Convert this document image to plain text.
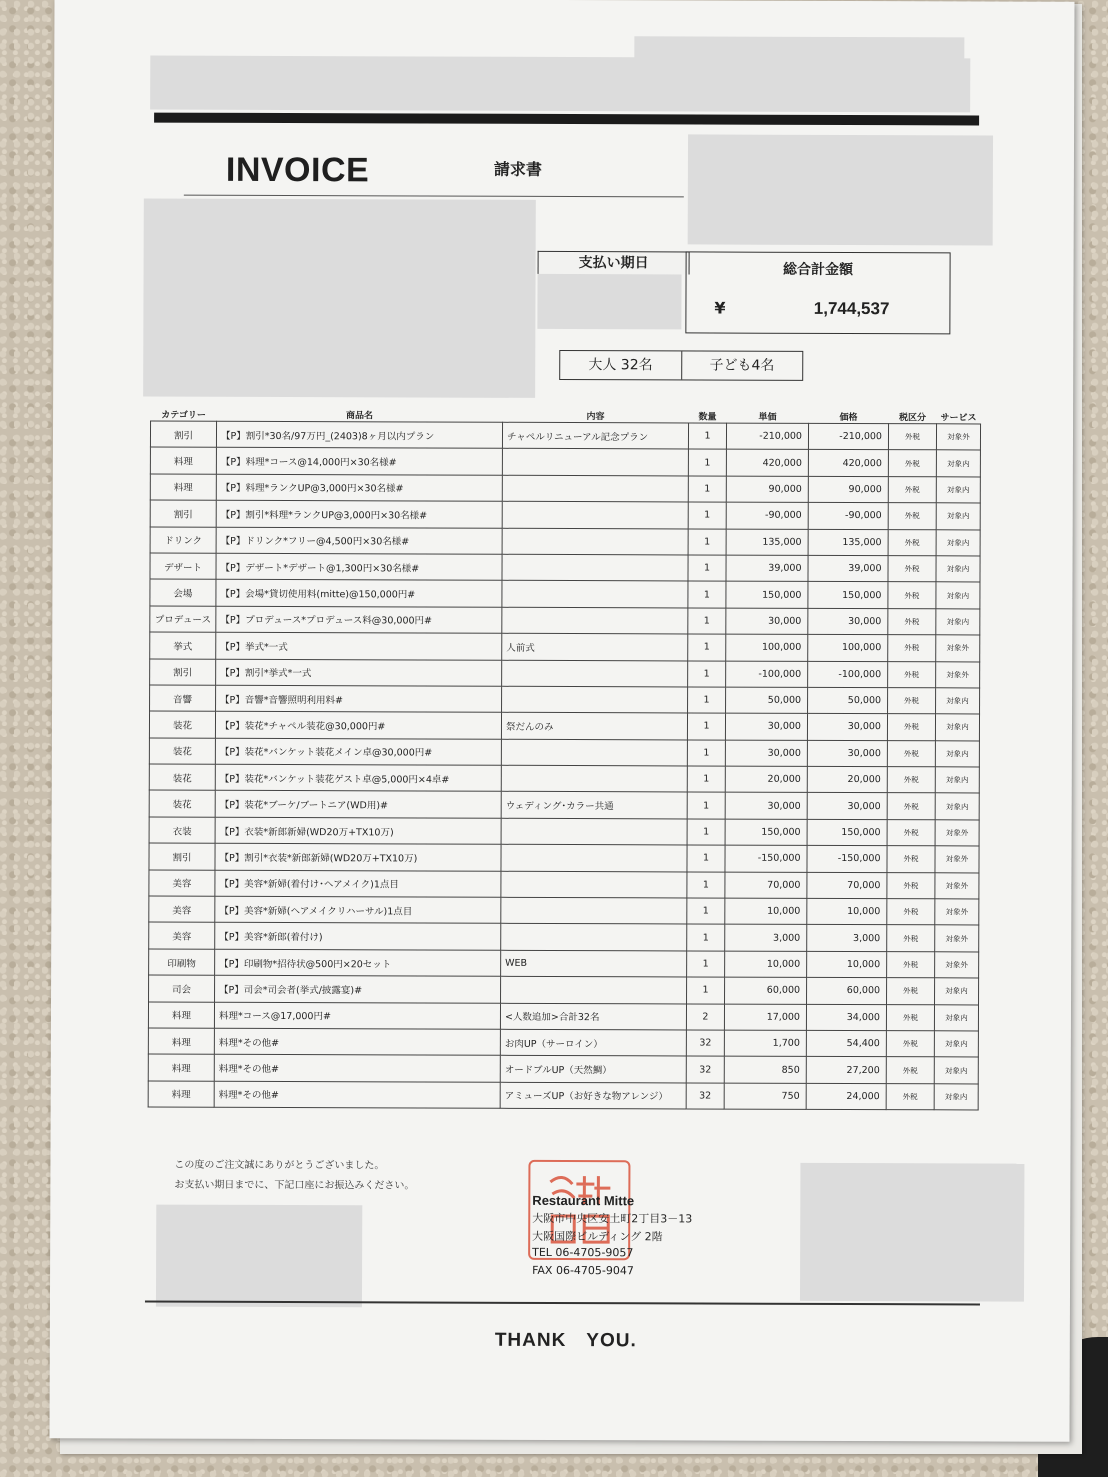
INVOICE	請求書
支払い期日	総合計金額
¥	1,744,537
大人 32名	子ども4名
カテゴリー	商品名	内容	数量	単価	価格	税区分	サービス
割引	【P】割引*30名/97万円_(2403)8ヶ月以内プラン	チャペルリニューアル記念プラン	1	-210,000	-210,000	外税	対象外
料理	【P】料理*コース@14,000円×30名様#		1	420,000	420,000	外税	対象内
料理	【P】料理*ランクUP@3,000円×30名様#		1	90,000	90,000	外税	対象内
割引	【P】割引*料理*ランクUP@3,000円×30名様#		1	-90,000	-90,000	外税	対象内
ドリンク	【P】ドリンク*フリー@4,500円×30名様#		1	135,000	135,000	外税	対象内
デザート	【P】デザート*デザート@1,300円×30名様#		1	39,000	39,000	外税	対象内
会場	【P】会場*貸切使用料(mitte)@150,000円#		1	150,000	150,000	外税	対象内
プロデュース	【P】プロデュース*プロデュース料@30,000円#		1	30,000	30,000	外税	対象内
挙式	【P】挙式*一式	人前式	1	100,000	100,000	外税	対象外
割引	【P】割引*挙式*一式		1	-100,000	-100,000	外税	対象外
音響	【P】音響*音響照明利用料#		1	50,000	50,000	外税	対象内
装花	【P】装花*チャペル装花@30,000円#	祭だんのみ	1	30,000	30,000	外税	対象内
装花	【P】装花*バンケット装花メイン卓@30,000円#		1	30,000	30,000	外税	対象内
装花	【P】装花*バンケット装花ゲスト卓@5,000円×4卓#		1	20,000	20,000	外税	対象内
装花	【P】装花*ブーケ/ブートニア(WD用)#	ウェディング･カラー共通	1	30,000	30,000	外税	対象内
衣装	【P】衣装*新郎新婦(WD20万+TX10万)		1	150,000	150,000	外税	対象外
割引	【P】割引*衣装*新郎新婦(WD20万+TX10万)		1	-150,000	-150,000	外税	対象外
美容	【P】美容*新婦(着付け･ヘアメイク)1点目		1	70,000	70,000	外税	対象外
美容	【P】美容*新婦(ヘアメイクリハーサル)1点目		1	10,000	10,000	外税	対象外
美容	【P】美容*新郎(着付け)		1	3,000	3,000	外税	対象外
印刷物	【P】印刷物*招待状@500円×20セット	WEB	1	10,000	10,000	外税	対象外
司会	【P】司会*司会者(挙式/披露宴)#		1	60,000	60,000	外税	対象内
料理	料理*コース@17,000円#	<人数追加>合計32名	2	17,000	34,000	外税	対象内
料理	料理*その他#	お肉UP（サーロイン）	32	1,700	54,400	外税	対象内
料理	料理*その他#	オードブルUP（天然鯛）	32	850	27,200	外税	対象内
料理	料理*その他#	アミューズUP（お好きな物アレンジ）	32	750	24,000	外税	対象内
この度のご注文誠にありがとうございました。
お支払い期日までに、下記口座にお振込みください。
Restaurant Mitte
大阪市中央区安土町2丁目3－13
大阪国際ビルディング 2階
TEL 06-4705-9057
FAX 06-4705-9047
THANK　YOU.
